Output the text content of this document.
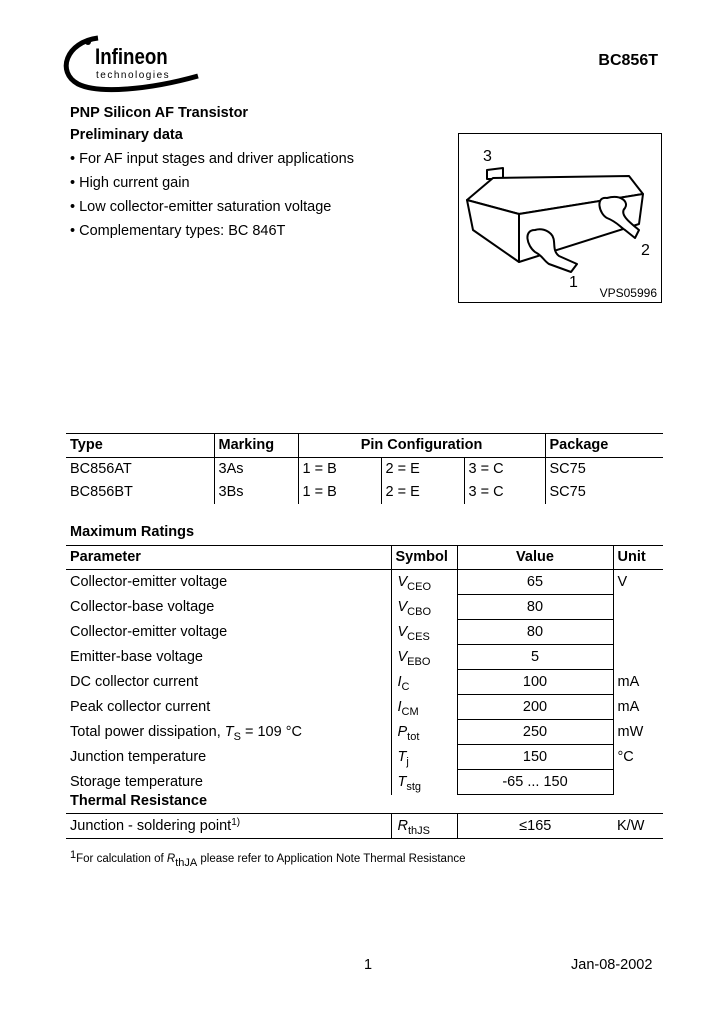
Infineon
technologies
BC856T
PNP Silicon AF Transistor
Preliminary data
• For AF input stages and driver applications
• High current gain
• Low collector-emitter saturation voltage
• Complementary types: BC 846T
3
2
1
VPS05996
Type	Marking	Pin Configuration			Package
BC856AT	3As	1 = B	2 = E	3 = C	SC75
BC856BT	3Bs	1 = B	2 = E	3 = C	SC75
Maximum Ratings
Parameter	Symbol	Value	Unit
Collector-emitter voltage	$V_{CEO}$	65	V
Collector-base voltage	$V_{CBO}$	80	
Collector-emitter voltage	$V_{CES}$	80	
Emitter-base voltage	$V_{EBO}$	5	
DC collector current	$I_C$	100	mA
Peak collector current	$I_{CM}$	200	mA
Total power dissipation, $T_S = 109$ °C	$P_{tot}$	250	mW
Junction temperature	$T_j$	150	°C
Storage temperature	$T_{stg}$	-65 ... 150	
Thermal Resistance
Junction - soldering point$^{1)}$	$R_{thJS}$	≤165	K/W
1For calculation of $R_{thJA}$ please refer to Application Note Thermal Resistance
1	Jan-08-2002
